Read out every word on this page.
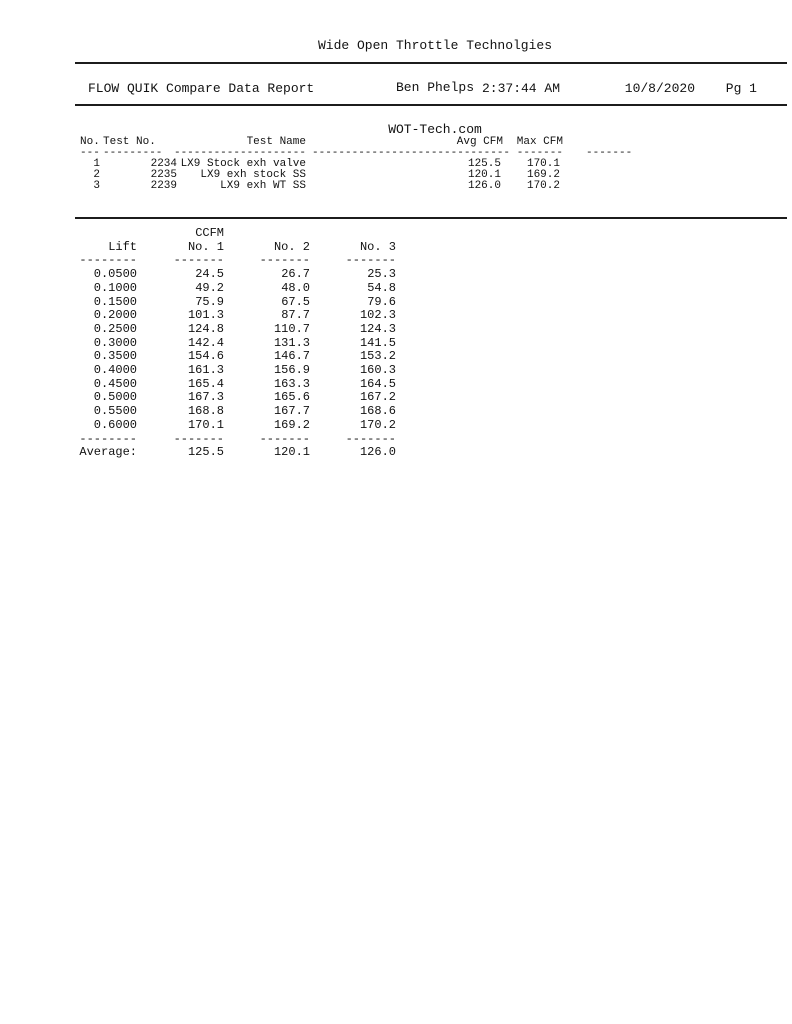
Wide Open Throttle Technolgies

Ben Phelps

WOT-Tech.com

FLOW QUIK Compare Data Report	2:37:44 AM	10/8/2020 Pg 1
No. Test No.	Test Name	Avg CFM Max CFM
--- --------- -------------------- ------------------------------ ------- -------
1	2234 LX9 Stock exh valve	125.5 170.1
2	2235 LX9 exh stock SS	120.1 169.2
3	2239	LX9 exh WT SS	126.0 170.2
	CCFM		
Lift	No. 1	No. 2	No. 3
--------	-------	-------	-------
0.0500	24.5	26.7	25.3
0.1000	49.2	48.0	54.8
0.1500	75.9	67.5	79.6
0.2000	101.3	87.7	102.3
0.2500	124.8	110.7	124.3
0.3000	142.4	131.3	141.5
0.3500	154.6	146.7	153.2
0.4000	161.3	156.9	160.3
0.4500	165.4	163.3	164.5
0.5000	167.3	165.6	167.2
0.5500	168.8	167.7	168.6
0.6000	170.1	169.2	170.2
--------	-------	-------	-------
Average:	125.5	120.1	126.0
